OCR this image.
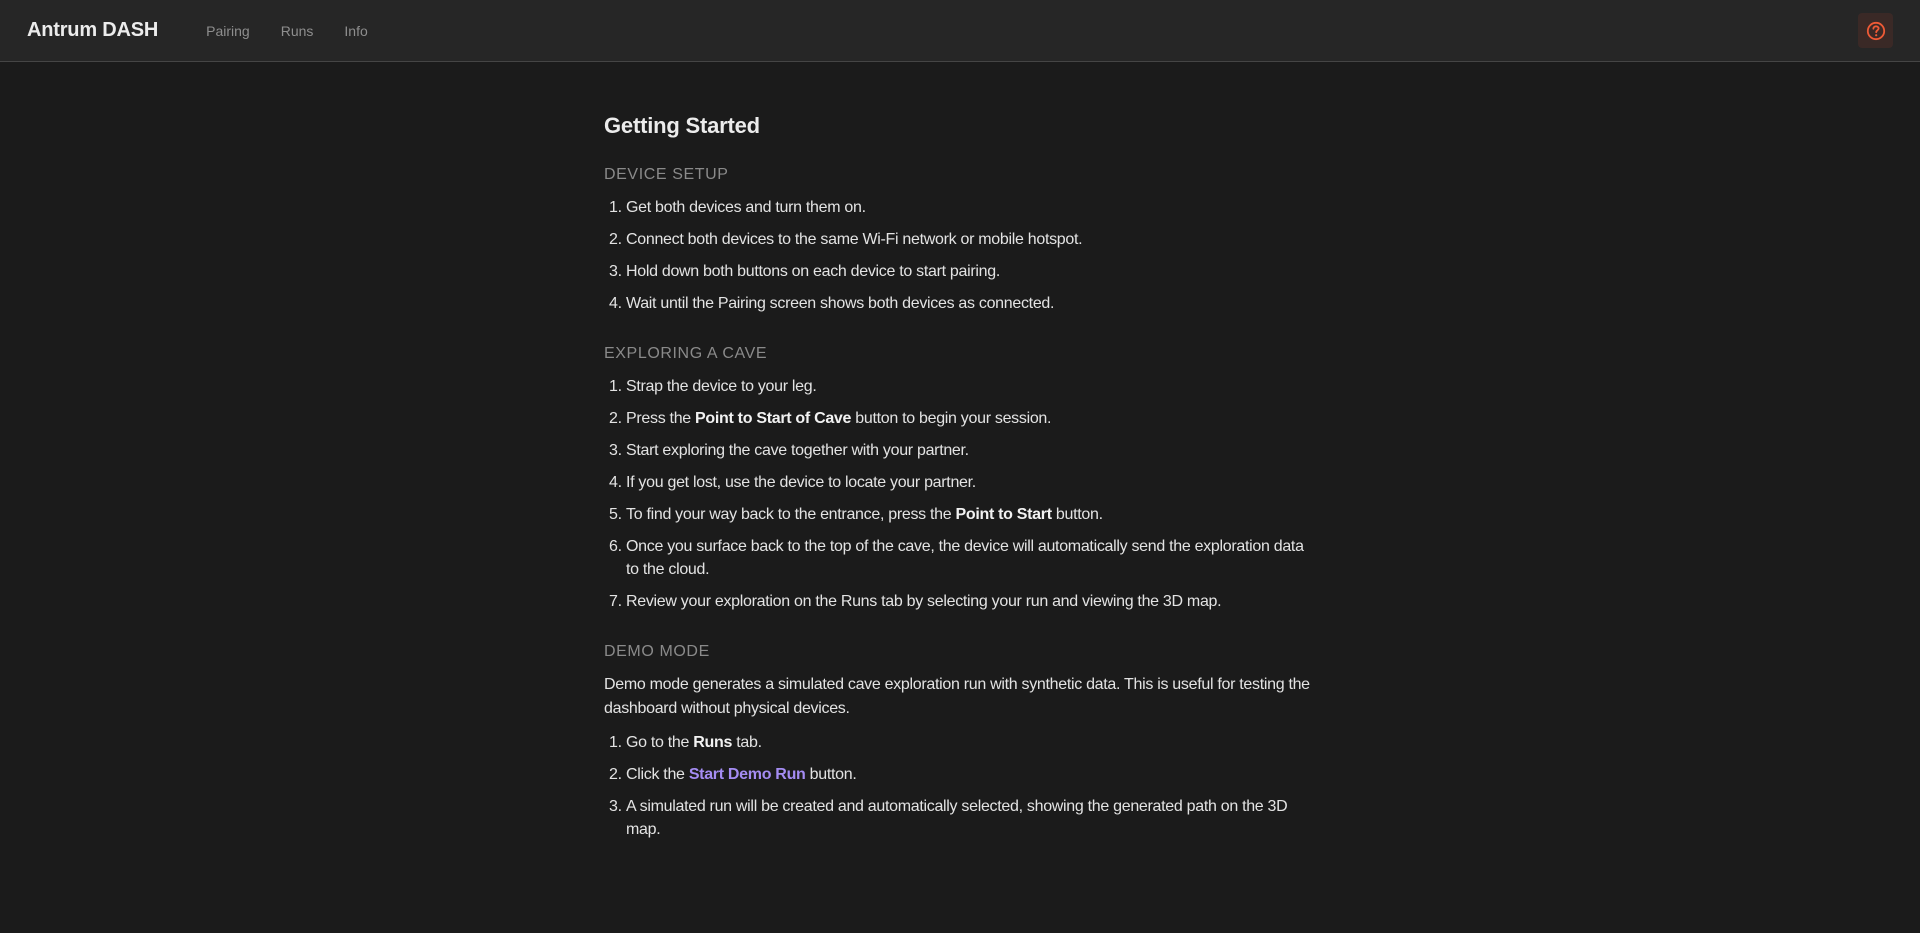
Antrum DASH	Pairing Runs Info
Getting Started
DEVICE SETUP
1. Get both devices and turn them on.
2. Connect both devices to the same Wi-Fi network or mobile hotspot.
3. Hold down both buttons on each device to start pairing.
4. Wait until the Pairing screen shows both devices as connected.
EXPLORING A CAVE
1. Strap the device to your leg.
2. Press the Point to Start of Cave button to begin your session.
3. Start exploring the cave together with your partner.
4. If you get lost, use the device to locate your partner.
5. To find your way back to the entrance, press the Point to Start button.
6. Once you surface back to the top of the cave, the device will automatically send the exploration data to the cloud.
7. Review your exploration on the Runs tab by selecting your run and viewing the 3D map.
DEMO MODE

Demo mode generates a simulated cave exploration run with synthetic data. This is useful for testing the dashboard without physical devices.

1. Go to the Runs tab.
2. Click the Start Demo Run button.
3. A simulated run will be created and automatically selected, showing the generated path on the 3D map.
